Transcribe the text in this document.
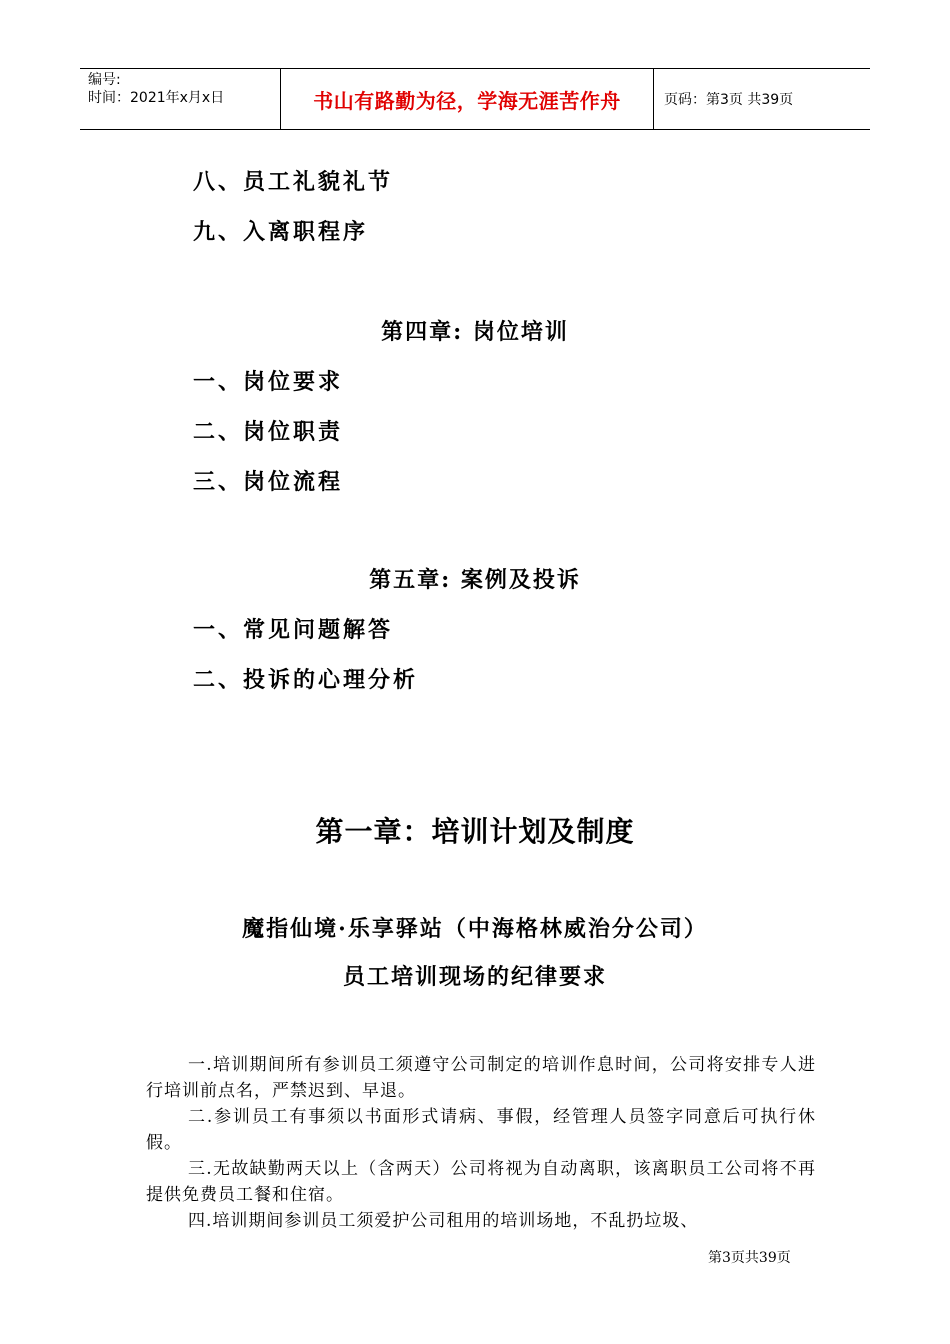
编号:
时间：2021年x月x日	书山有路勤为径，学海无涯苦作舟	页码：第3页 共39页
八、员工礼貌礼节
九、入离职程序
第四章: 岗位培训
一、岗位要求
二、岗位职责
三、岗位流程
第五章: 案例及投诉
一、常见问题解答
二、投诉的心理分析
第一章：培训计划及制度
魔指仙境·乐享驿站（中海格林威治分公司）
员工培训现场的纪律要求

一.培训期间所有参训员工须遵守公司制定的培训作息时间，公司将安排专人进行培训前点名，严禁迟到、早退。

二.参训员工有事须以书面形式请病、事假，经管理人员签字同意后可执行休假。

三.无故缺勤两天以上（含两天）公司将视为自动离职，该离职员工公司将不再提供免费员工餐和住宿。

四.培训期间参训员工须爱护公司租用的培训场地，不乱扔垃圾、

第3页共39页
